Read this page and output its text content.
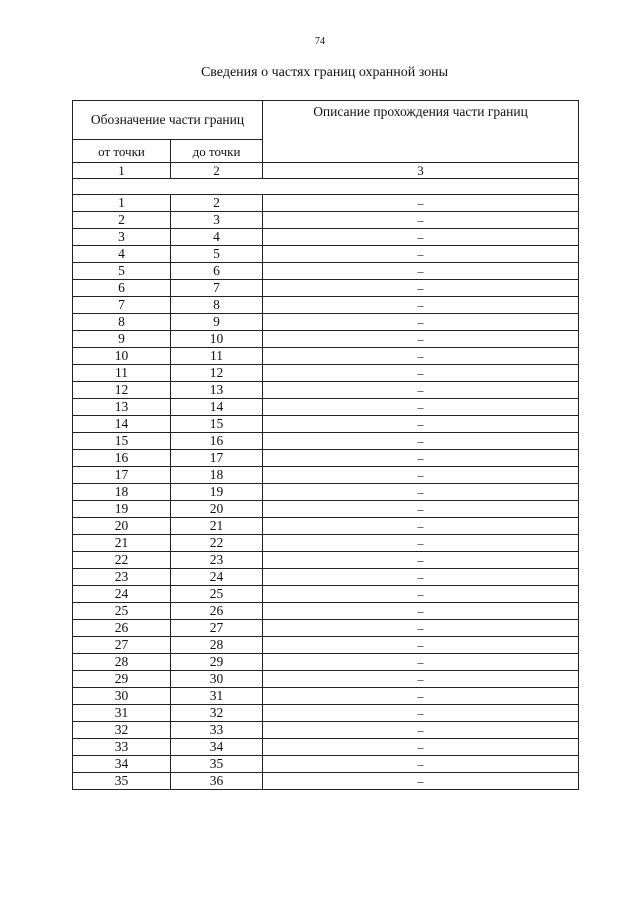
74
Сведения о частях границ охранной зоны
Обозначение части границ		Описание прохождения части границ
от точки	до точки	
1	2	3

1	2	–
2	3	–
3	4	–
4	5	–
5	6	–
6	7	–
7	8	–
8	9	–
9	10	–
10	11	–
11	12	–
12	13	–
13	14	–
14	15	–
15	16	–
16	17	–
17	18	–
18	19	–
19	20	–
20	21	–
21	22	–
22	23	–
23	24	–
24	25	–
25	26	–
26	27	–
27	28	–
28	29	–
29	30	–
30	31	–
31	32	–
32	33	–
33	34	–
34	35	–
35	36	–
